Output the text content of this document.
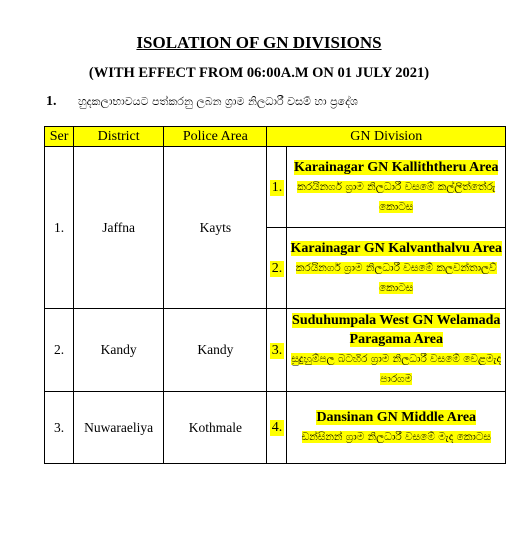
ISOLATION OF GN DIVISIONS
(WITH EFFECT FROM 06:00A.M ON 01 JULY 2021)
1. හුදකලාභාවයට පත්කරනු ලබන ග්‍රාම නිලධාරී වසම් හා ප්‍රදේශ
Ser	District	Police Area	GN Division	
1.	Jaffna	Kayts	1.	Karainagar GN Kalliththeru Area
කරයිනගර් ග්‍රාම නිලධාරී වසමේ කල්ලිත්තේරු කොටස

			2.	Karainagar GN Kalvanthalvu Area
කරයිනගර් ග්‍රාම නිලධාරී වසමේ කලවන්තාලව් කොටස

2.	Kandy	Kandy	3.	Suduhumpala West GN Welamada Paragama Area
සුදුහුම්පල බටහිර ග්‍රාම නිලධාරී වසමේ වෙළමැද පාරගම

3.	Nuwaraeliya	Kothmale	4.	Dansinan GN Middle Area
ඩන්සිනන් ග්‍රාම නිලධාරී වසමේ මැද කොටස
